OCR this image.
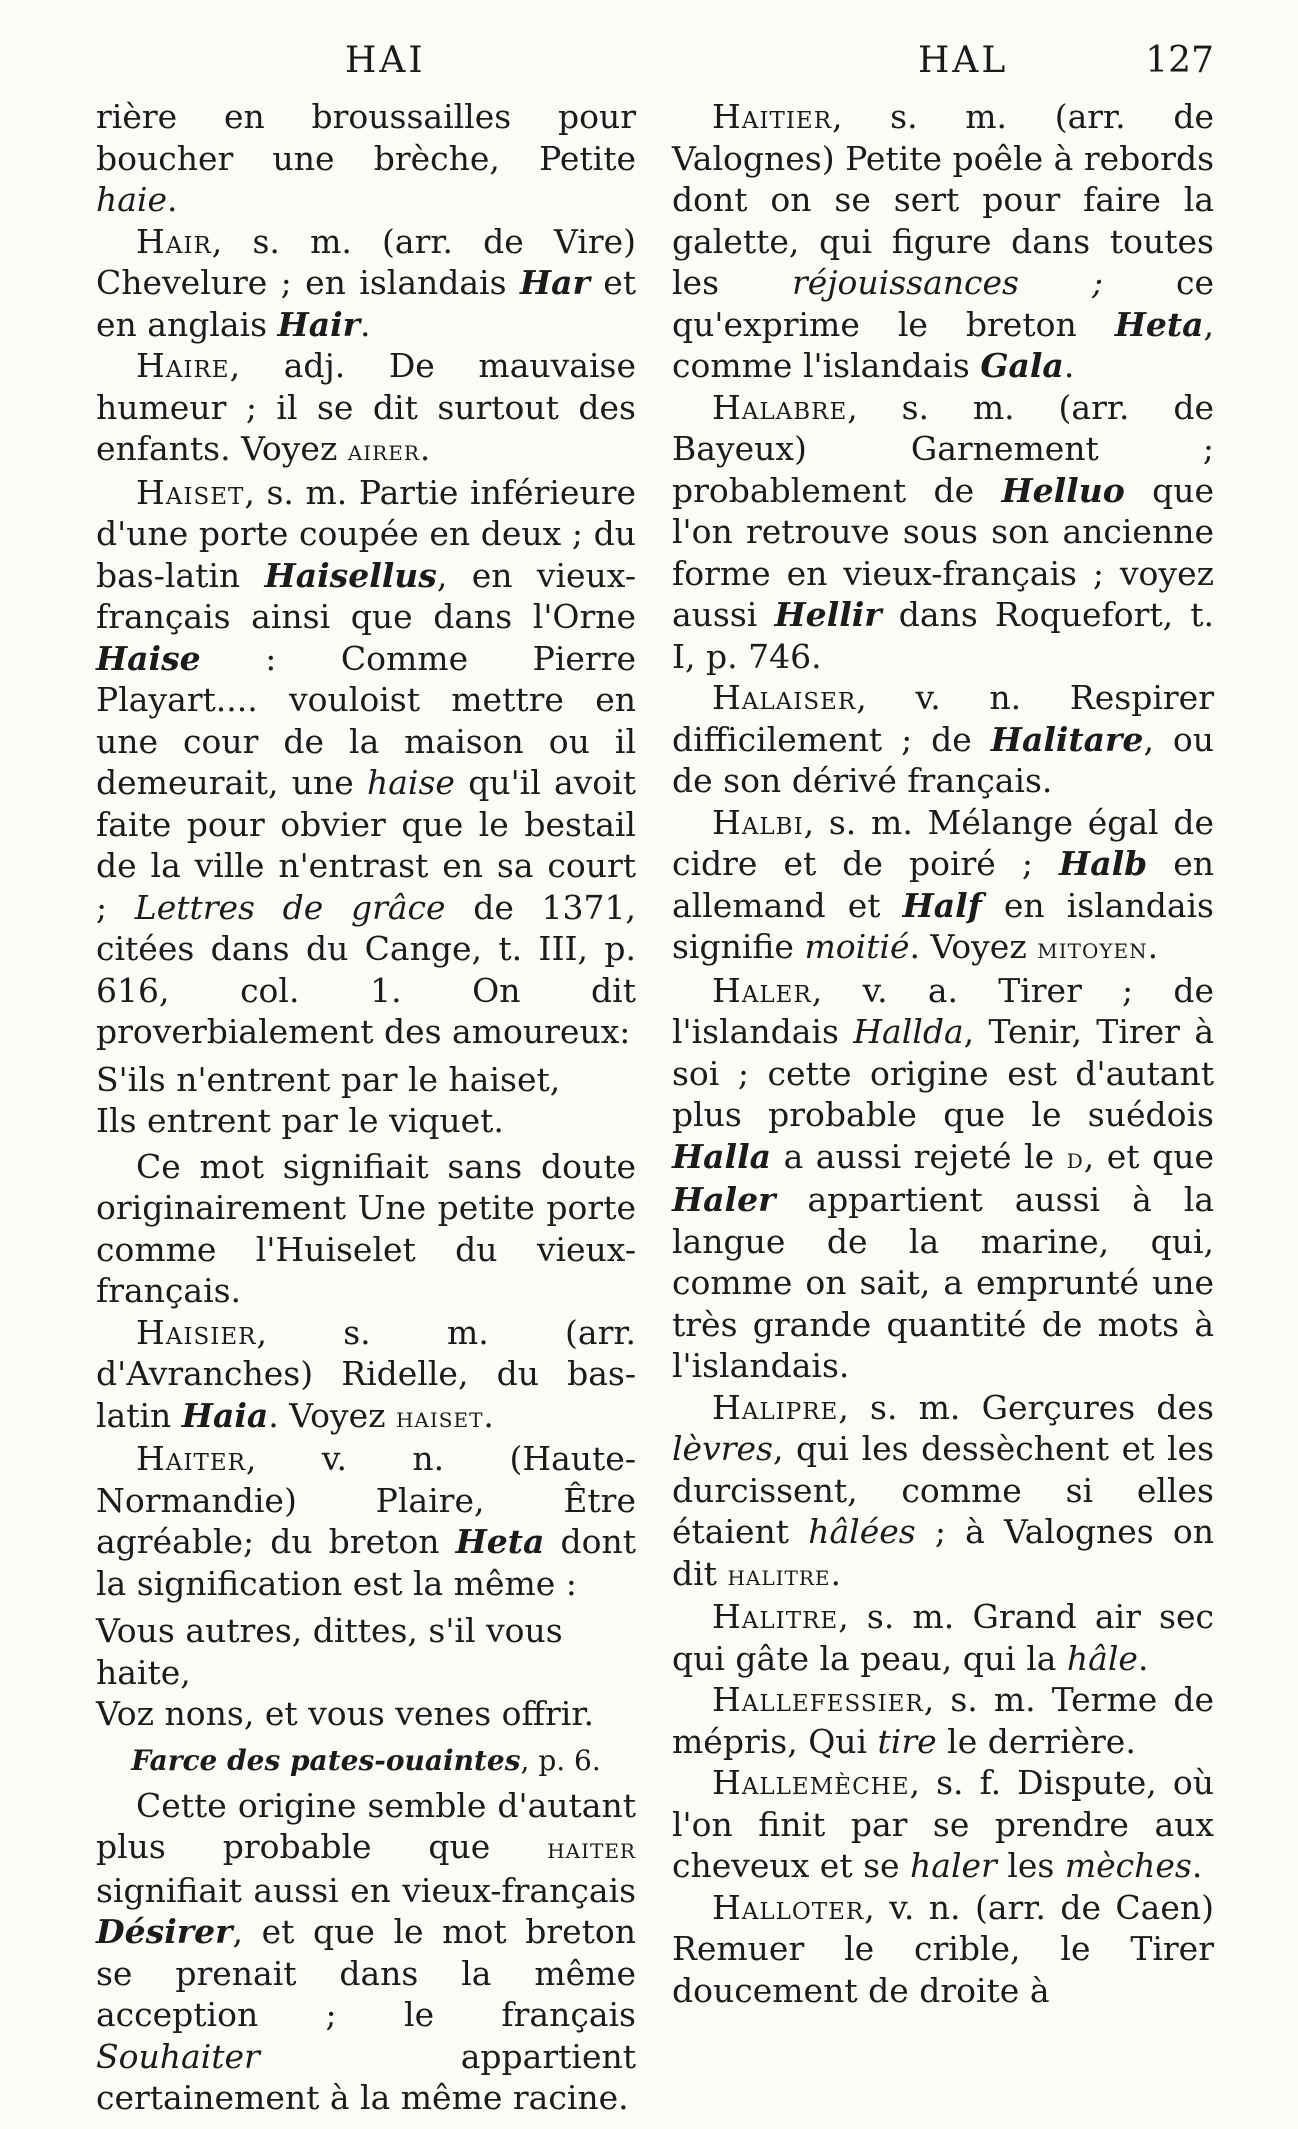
HAI	HAL	127

rière en broussailles pour boucher une brèche, Petite haie.

Hair, s. m. (arr. de Vire) Chevelure ; en islandais Har et en anglais Hair.

Haire, adj. De mauvaise humeur ; il se dit surtout des enfants. Voyez airer.

Haiset, s. m. Partie inférieure d'une porte coupée en deux ; du bas-latin Haisellus, en vieux-français ainsi que dans l'Orne Haise : Comme Pierre Playart.... vouloist mettre en une cour de la maison ou il demeurait, une haise qu'il avoit faite pour obvier que le bestail de la ville n'entrast en sa court ; Lettres de grâce de 1371, citées dans du Cange, t. III, p. 616, col. 1. On dit proverbialement des amoureux:

S'ils n'entrent par le haiset,
Ils entrent par le viquet.

Ce mot signifiait sans doute originairement Une petite porte comme l'Huiselet du vieux-français.

Haisier, s. m. (arr. d'Avranches) Ridelle, du bas-latin Haia. Voyez haiset.

Haiter, v. n. (Haute-Normandie) Plaire, Être agréable; du breton Heta dont la signification est la même :

Vous autres, dittes, s'il vous haite,
Voz nons, et vous venes offrir.

Farce des pates-ouaintes, p. 6.

Cette origine semble d'autant plus probable que haiter signifiait aussi en vieux-français Désirer, et que le mot breton se prenait dans la même acception ; le français Souhaiter appartient certainement à la même racine.

Haitier, s. m. (arr. de Valognes) Petite poêle à rebords dont on se sert pour faire la galette, qui figure dans toutes les réjouissances ; ce qu'exprime le breton Heta, comme l'islandais Gala.

Halabre, s. m. (arr. de Bayeux) Garnement ; probablement de Helluo que l'on retrouve sous son ancienne forme en vieux-français ; voyez aussi Hellir dans Roquefort, t. I, p. 746.

Halaiser, v. n. Respirer difficilement ; de Halitare, ou de son dérivé français.

Halbi, s. m. Mélange égal de cidre et de poiré ; Halb en allemand et Half en islandais signifie moitié. Voyez mitoyen.

Haler, v. a. Tirer ; de l'islandais Hallda, Tenir, Tirer à soi ; cette origine est d'autant plus probable que le suédois Halla a aussi rejeté le d, et que Haler appartient aussi à la langue de la marine, qui, comme on sait, a emprunté une très grande quantité de mots à l'islandais.

Halipre, s. m. Gerçures des lèvres, qui les dessèchent et les durcissent, comme si elles étaient hâlées ; à Valognes on dit halitre.

Halitre, s. m. Grand air sec qui gâte la peau, qui la hâle.

Hallefessier, s. m. Terme de mépris, Qui tire le derrière.

Hallemèche, s. f. Dispute, où l'on finit par se prendre aux cheveux et se haler les mèches.

Halloter, v. n. (arr. de Caen) Remuer le crible, le Tirer doucement de droite à
